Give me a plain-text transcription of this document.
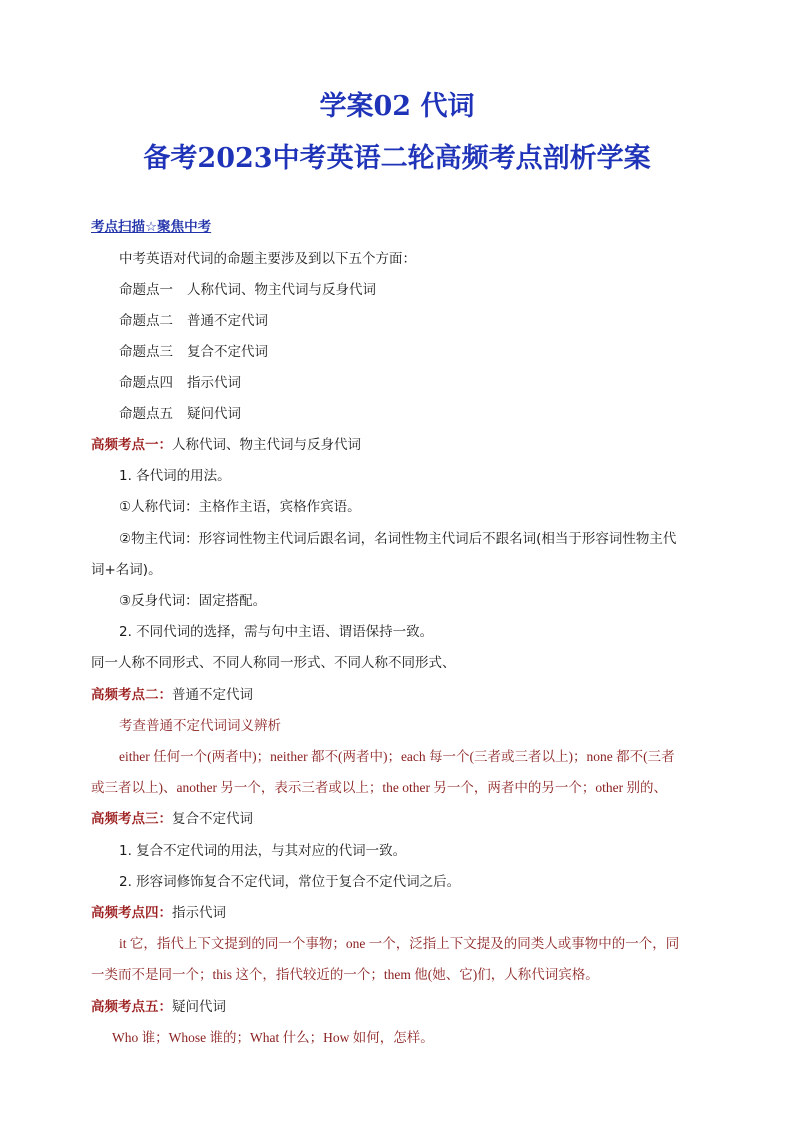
学案02 代词
备考2023中考英语二轮高频考点剖析学案
考点扫描☆聚焦中考
中考英语对代词的命题主要涉及到以下五个方面：
命题点一 人称代词、物主代词与反身代词
命题点二 普通不定代词
命题点三 复合不定代词
命题点四 指示代词
命题点五 疑问代词
高频考点一：人称代词、物主代词与反身代词
1. 各代词的用法。
①人称代词：主格作主语，宾格作宾语。
②物主代词：形容词性物主代词后跟名词，名词性物主代词后不跟名词(相当于形容词性物主代
词+名词)。
③反身代词：固定搭配。
2. 不同代词的选择，需与句中主语、谓语保持一致。
同一人称不同形式、不同人称同一形式、不同人称不同形式、
高频考点二：普通不定代词
考查普通不定代词词义辨析
either 任何一个(两者中)；neither 都不(两者中)；each 每一个(三者或三者以上)；none 都不(三者
或三者以上)、another 另一个，表示三者或以上；the other 另一个，两者中的另一个；other 别的、
高频考点三：复合不定代词
1. 复合不定代词的用法，与其对应的代词一致。
2. 形容词修饰复合不定代词，常位于复合不定代词之后。
高频考点四：指示代词
it 它，指代上下文提到的同一个事物；one 一个，泛指上下文提及的同类人或事物中的一个，同
一类而不是同一个；this 这个，指代较近的一个；them 他(她、它)们，人称代词宾格。
高频考点五：疑问代词
Who 谁；Whose 谁的；What 什么；How 如何，怎样。
